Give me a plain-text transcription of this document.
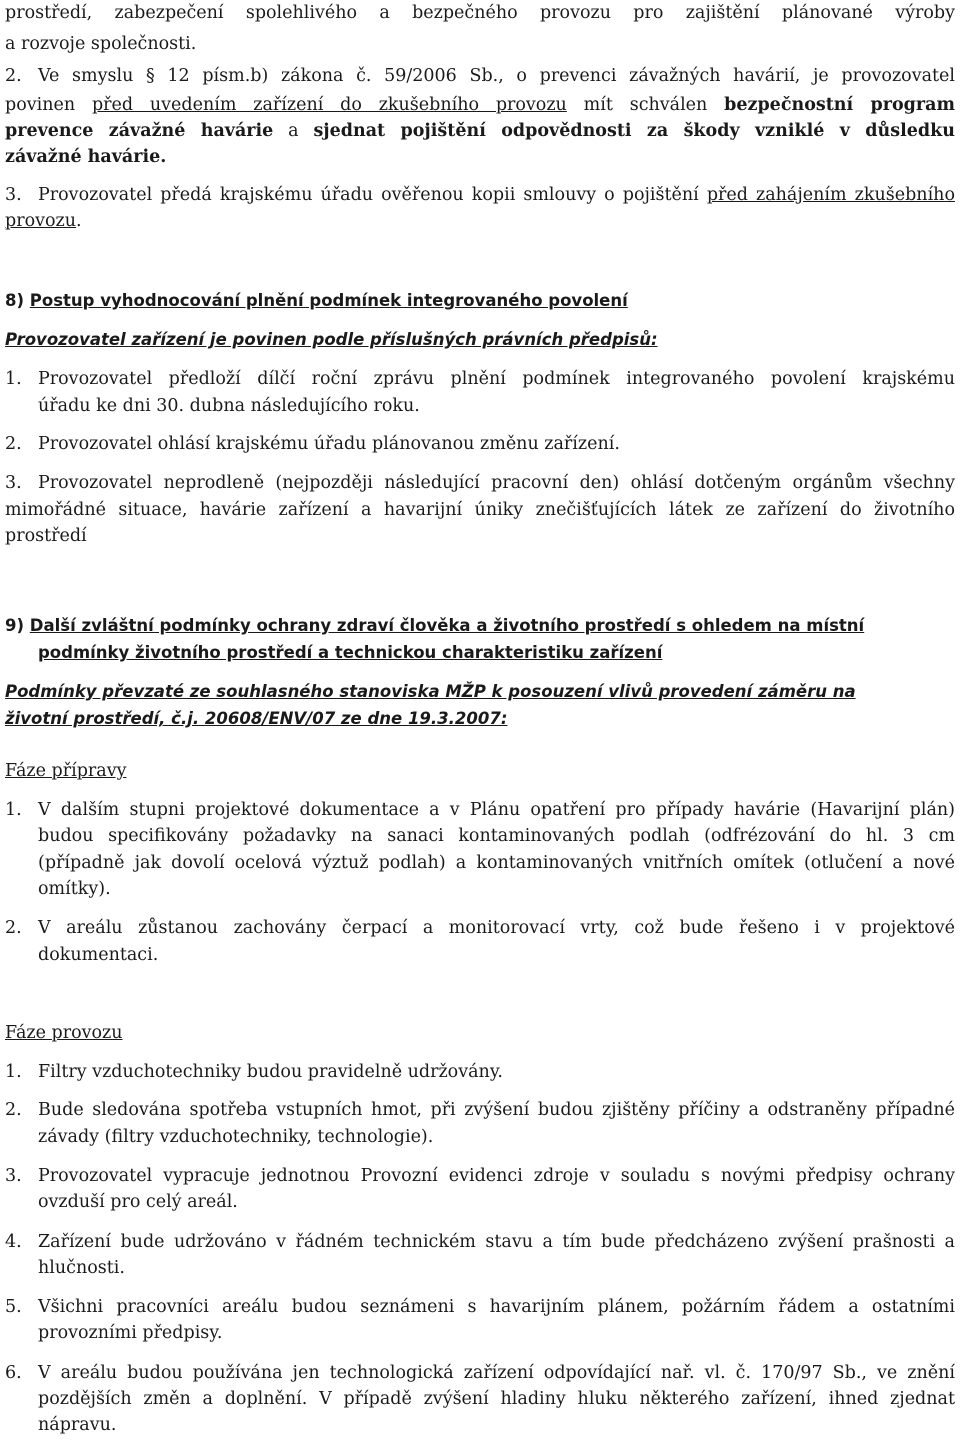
prostředí, zabezpečení spolehlivého a bezpečného provozu pro zajištění plánované výroby
a rozvoje společnosti.
2. Ve smyslu § 12 písm.b) zákona č. 59/2006 Sb., o prevenci závažných havárií, je provozovatel
povinen před uvedením zařízení do zkušebního provozu mít schválen bezpečnostní program
prevence závažné havárie a sjednat pojištění odpovědnosti za škody vzniklé v důsledku
závažné havárie.
3. Provozovatel předá krajskému úřadu ověřenou kopii smlouvy o pojištění před zahájením zkušebního
provozu.
8) Postup vyhodnocování plnění podmínek integrovaného povolení
Provozovatel zařízení je povinen podle příslušných právních předpisů:
1. Provozovatel předloží dílčí roční zprávu plnění podmínek integrovaného povolení krajskému
úřadu ke dni 30. dubna následujícího roku.
2. Provozovatel ohlásí krajskému úřadu plánovanou změnu zařízení.
3. Provozovatel neprodleně (nejpozději následující pracovní den) ohlásí dotčeným orgánům všechny
mimořádné situace, havárie zařízení a havarijní úniky znečišťujících látek ze zařízení do životního
prostředí
9) Další zvláštní podmínky ochrany zdraví člověka a životního prostředí s ohledem na místní
podmínky životního prostředí a technickou charakteristiku zařízení
Podmínky převzaté ze souhlasného stanoviska MŽP k posouzení vlivů provedení záměru na
životní prostředí, č.j. 20608/ENV/07 ze dne 19.3.2007:
Fáze přípravy
1. V dalším stupni projektové dokumentace a v Plánu opatření pro případy havárie (Havarijní plán)
budou specifikovány požadavky na sanaci kontaminovaných podlah (odfrézování do hl. 3 cm
(případně jak dovolí ocelová výztuž podlah) a kontaminovaných vnitřních omítek (otlučení a nové
omítky).
2. V areálu zůstanou zachovány čerpací a monitorovací vrty, což bude řešeno i v projektové
dokumentaci.
Fáze provozu
1. Filtry vzduchotechniky budou pravidelně udržovány.
2. Bude sledována spotřeba vstupních hmot, při zvýšení budou zjištěny příčiny a odstraněny případné
závady (filtry vzduchotechniky, technologie).
3. Provozovatel vypracuje jednotnou Provozní evidenci zdroje v souladu s novými předpisy ochrany
ovzduší pro celý areál.
4. Zařízení bude udržováno v řádném technickém stavu a tím bude předcházeno zvýšení prašnosti a
hlučnosti.
5. Všichni pracovníci areálu budou seznámeni s havarijním plánem, požárním řádem a ostatními
provozními předpisy.
6. V areálu budou používána jen technologická zařízení odpovídající nař. vl. č. 170/97 Sb., ve znění
pozdějších změn a doplnění. V případě zvýšení hladiny hluku některého zařízení, ihned zjednat
nápravu.
